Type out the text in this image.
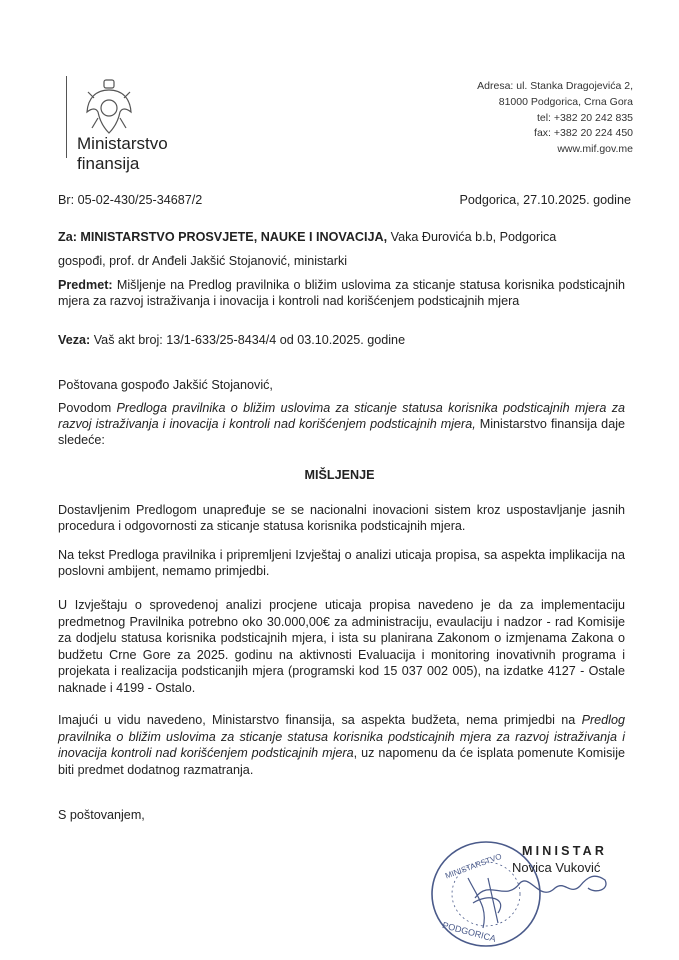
Ministarstvo
finansija
Adresa: ul. Stanka Dragojevića 2,
81000 Podgorica, Crna Gora
tel: +382 20 242 835
fax: +382 20 224 450
www.mif.gov.me
Br: 05-02-430/25-34687/2	Podgorica, 27.10.2025. godine
Za: MINISTARSTVO PROSVJETE, NAUKE I INOVACIJA, Vaka Đurovića b.b, Podgorica
gospođi, prof. dr Anđeli Jakšić Stojanović, ministarki
Predmet: Mišljenje na Predlog pravilnika o bližim uslovima za sticanje statusa korisnika podsticajnih mjera za razvoj istraživanja i inovacija i kontroli nad korišćenjem podsticajnih mjera
Veza: Vaš akt broj: 13/1-633/25-8434/4 od 03.10.2025. godine
Poštovana gospođo Jakšić Stojanović,
Povodom Predloga pravilnika o bližim uslovima za sticanje statusa korisnika podsticajnih mjera za razvoj istraživanja i inovacija i kontroli nad korišćenjem podsticajnih mjera, Ministarstvo finansija daje sledeće:
MIŠLJENJE
Dostavljenim Predlogom unapređuje se se nacionalni inovacioni sistem kroz uspostavljanje jasnih procedura i odgovornosti za sticanje statusa korisnika podsticajnih mjera.
Na tekst Predloga pravilnika i pripremljeni Izvještaj o analizi uticaja propisa, sa aspekta implikacija na poslovni ambijent, nemamo primjedbi.
U Izvještaju o sprovedenoj analizi procjene uticaja propisa navedeno je da za implementaciju predmetnog Pravilnika potrebno oko 30.000,00€ za administraciju, evaulaciju i nadzor - rad Komisije za dodjelu statusa korisnika podsticajnih mjera, i ista su planirana Zakonom o izmjenama Zakona o budžetu Crne Gore za 2025. godinu na aktivnosti Evaluacija i monitoring inovativnih programa i projekata i realizacija podsticanjih mjera (programski kod 15 037 002 005), na izdatke 4127 - Ostale naknade i 4199 - Ostalo.
Imajući u vidu navedeno, Ministarstvo finansija, sa aspekta budžeta, nema primjedbi na Predlog pravilnika o bližim uslovima za sticanje statusa korisnika podsticajnih mjera za razvoj istraživanja i inovacija kontroli nad korišćenjem podsticajnih mjera, uz napomenu da će isplata pomenute Komisije biti predmet dodatnog razmatranja.
S poštovanjem,
PODGORICA
MINISTARSTVO
MINISTAR
Novica Vuković
